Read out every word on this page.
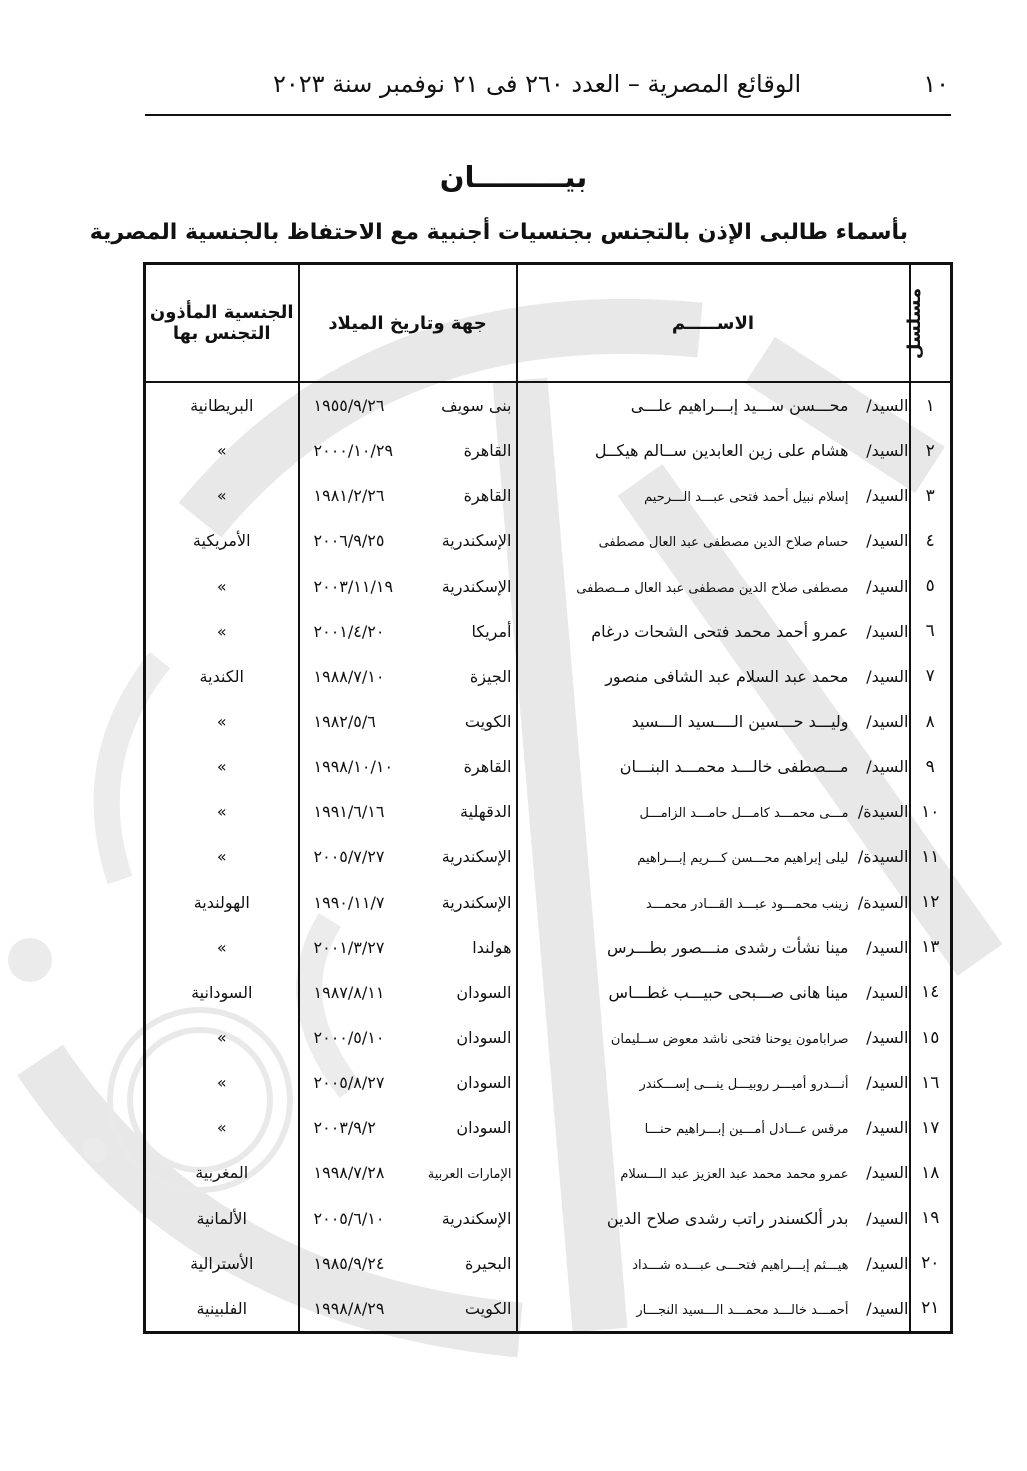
١٠
الوقائع المصرية – العدد ٢٦٠ فى ٢١ نوفمبر سنة ٢٠٢٣
بيـــــــــان
بأسماء طالبى الإذن بالتجنس بجنسيات أجنبية مع الاحتفاظ بالجنسية المصرية
مسلسل	الاســـــم	جهة وتاريخ الميلاد	الجنسية المأذون التجنس بها
١	السيد/محـــسن ســـيد إبـــراهيم علـــى	بنى سويف١٩٥٥/٩/٢٦	البريطانية
٢	السيد/هشام على زين العابدين ســالم هيكــل	القاهرة٢٠٠٠/١٠/٢٩	»
٣	السيد/إسلام نبيل أحمد فتحى عبـــد الـــرحيم	القاهرة١٩٨١/٢/٢٦	»
٤	السيد/حسام صلاح الدين مصطفى عبد العال مصطفى	الإسكندرية٢٠٠٦/٩/٢٥	الأمريكية
٥	السيد/مصطفى صلاح الدين مصطفى عبد العال مــصطفى	الإسكندرية٢٠٠٣/١١/١٩	»
٦	السيد/عمرو أحمد محمد فتحى الشحات درغام	أمريكا٢٠٠١/٤/٢٠	»
٧	السيد/محمد عبد السلام عبد الشافى منصور	الجيزة١٩٨٨/٧/١٠	الكندية
٨	السيد/وليـــد حـــسين الــــسيد الـــسيد	الكويت١٩٨٢/٥/٦	»
٩	السيد/مـــصطفى خالـــد محمـــد البنـــان	القاهرة١٩٩٨/١٠/١٠	»
١٠	السيدة/مـــى محمـــد كامـــل حامـــد الزامـــل	الدقهلية١٩٩١/٦/١٦	»
١١	السيدة/ليلى إبراهيم محـــسن كـــريم إبـــراهيم	الإسكندرية٢٠٠٥/٧/٢٧	»
١٢	السيدة/زينب محمـــود عبـــد القـــادر محمـــد	الإسكندرية١٩٩٠/١١/٧	الهولندية
١٣	السيد/مينا نشأت رشدى منـــصور بطـــرس	هولندا٢٠٠١/٣/٢٧	»
١٤	السيد/مينا هانى صـــبحى حبيـــب غطـــاس	السودان١٩٨٧/٨/١١	السودانية
١٥	السيد/صرابامون يوحنا فتحى ناشد معوض ســليمان	السودان٢٠٠٠/٥/١٠	»
١٦	السيد/أنـــدرو أميـــر روبيـــل ينـــى إســـكندر	السودان٢٠٠٥/٨/٢٧	»
١٧	السيد/مرقس عـــادل أمـــين إبـــراهيم حنـــا	السودان٢٠٠٣/٩/٢	»
١٨	السيد/عمرو محمد محمد عبد العزيز عبد الـــسلام	الإمارات العربية١٩٩٨/٧/٢٨	المغربية
١٩	السيد/بدر ألكسندر راتب رشدى صلاح الدين	الإسكندرية٢٠٠٥/٦/١٠	الألمانية
٢٠	السيد/هيـــثم إبـــراهيم فتحـــى عبـــده شـــداد	البحيرة١٩٨٥/٩/٢٤	الأسترالية
٢١	السيد/أحمـــد خالـــد محمـــد الـــسيد النجـــار	الكويت١٩٩٨/٨/٢٩	الفلبينية
